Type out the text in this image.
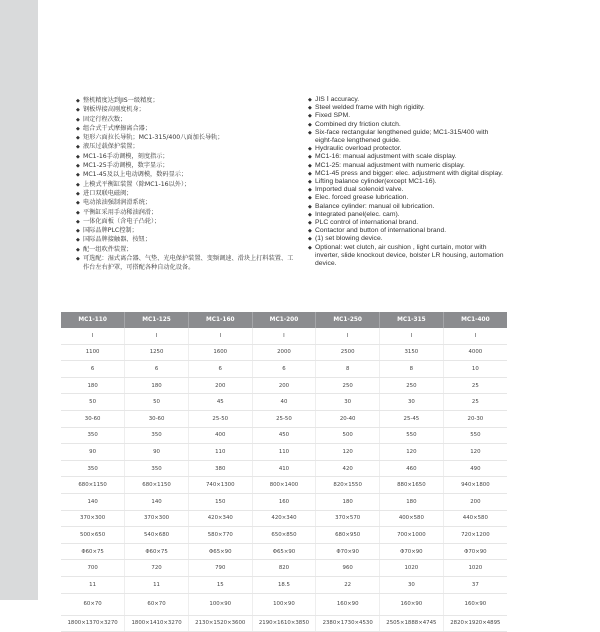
◆ 整机精度达到JIS一级精度；
◆ 钢板焊接高刚度机身；
◆ 固定行程次数；
◆ 组合式干式摩擦离合器；
◆ 矩形六面拉长导轨；MC1-315/400八面加长导轨；
◆ 液压过载保护装置；
◆ MC1-16手动调模，刻度指示；
◆ MC1-25手动调模，数字显示；
◆ MC1-45及以上电动调模，数码显示；
◆ 上模式平衡缸装置（除MC1-16以外）；
◆ 进口双联电磁阀；
◆ 电动浓油强制润滑系统；
◆ 平衡缸采用手动稀油润滑；
◆ 一体化面板（含电子凸轮）；
◆ 国际品牌PLC控制；
◆ 国际品牌接触器、按钮；
◆ 配一组吹件装置；
◆ 可选配：湿式离合器、气垫、光电保护装置、变频调速、滑块上打料装置、工作台左右护罩，可搭配各种自动化设备。
◆ JIS Ⅰ accuracy.
◆ Steel welded frame with high rigidity.
◆ Fixed SPM.
◆ Combined dry friction clutch.
◆ Six-face rectangular lengthened guide; MC1-315/400 with eight-face lengthened guide.
◆ Hydraulic overload protector.
◆ MC1-16: manual adjustment with scale display.
◆ MC1-25: manual adjustment with numeric display.
◆ MC1-45 press and bigger: elec. adjustment with digital display.
◆ Lifting balance cylinder(except MC1-16).
◆ Imported dual solenoid valve.
◆ Elec. forced grease lubrication.
◆ Balance cylinder: manual oil lubrication.
◆ Integrated panel(elec. cam).
◆ PLC control of international brand.
◆ Contactor and button of international brand.
◆ (1) set blowing device.
◆ Optional: wet clutch, air cushion , light curtain, motor with inverter, slide knockout device, bolster LR housing, automation device.
MC1-110	MC1-125	MC1-160	MC1-200	MC1-250	MC1-315	MC1-400
Ⅰ	Ⅰ	Ⅰ	Ⅰ	Ⅰ	Ⅰ	Ⅰ
1100	1250	1600	2000	2500	3150	4000
6	6	6	6	8	8	10
180	180	200	200	250	250	25
50	50	45	40	30	30	25
30-60	30-60	25-50	25-50	20-40	25-45	20-30
350	350	400	450	500	550	550
90	90	110	110	120	120	120
350	350	380	410	420	460	490
680×1150	680×1150	740×1300	800×1400	820×1550	880×1650	940×1800
140	140	150	160	180	180	200
370×300	370×300	420×340	420×340	370×570	400×580	440×580
500×650	540×680	580×770	650×850	680×950	700×1000	720×1200
Φ60×75	Φ60×75	Φ65×90	Φ65×90	Φ70×90	Φ70×90	Φ70×90
700	720	790	820	960	1020	1020
11	11	15	18.5	22	30	37
60×70	60×70	100×90	100×90	160×90	160×90	160×90
1800×1370×3270	1800×1410×3270	2130×1520×3600	2190×1610×3850	2380×1730×4530	2505×1888×4745	2820×1920×4895
